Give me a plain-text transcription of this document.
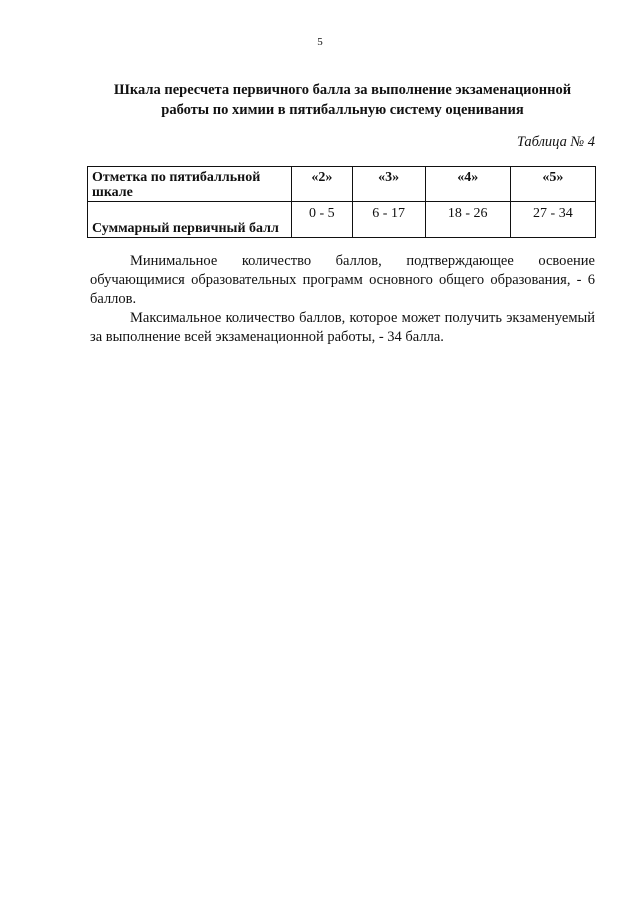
5
Шкала пересчета первичного балла за выполнение экзаменационной
работы по химии в пятибалльную систему оценивания
Таблица № 4
Отметка по пятибалльной шкале	«2»	«3»	«4»	«5»
Суммарный первичный балл	0 - 5	6 - 17	18 - 26	27 - 34

Минимальное количество баллов, подтверждающее освоение обучающимися образовательных программ основного общего образования, - 6 баллов.

Максимальное количество баллов, которое может получить экзаменуемый за выполнение всей экзаменационной работы, - 34 балла.
